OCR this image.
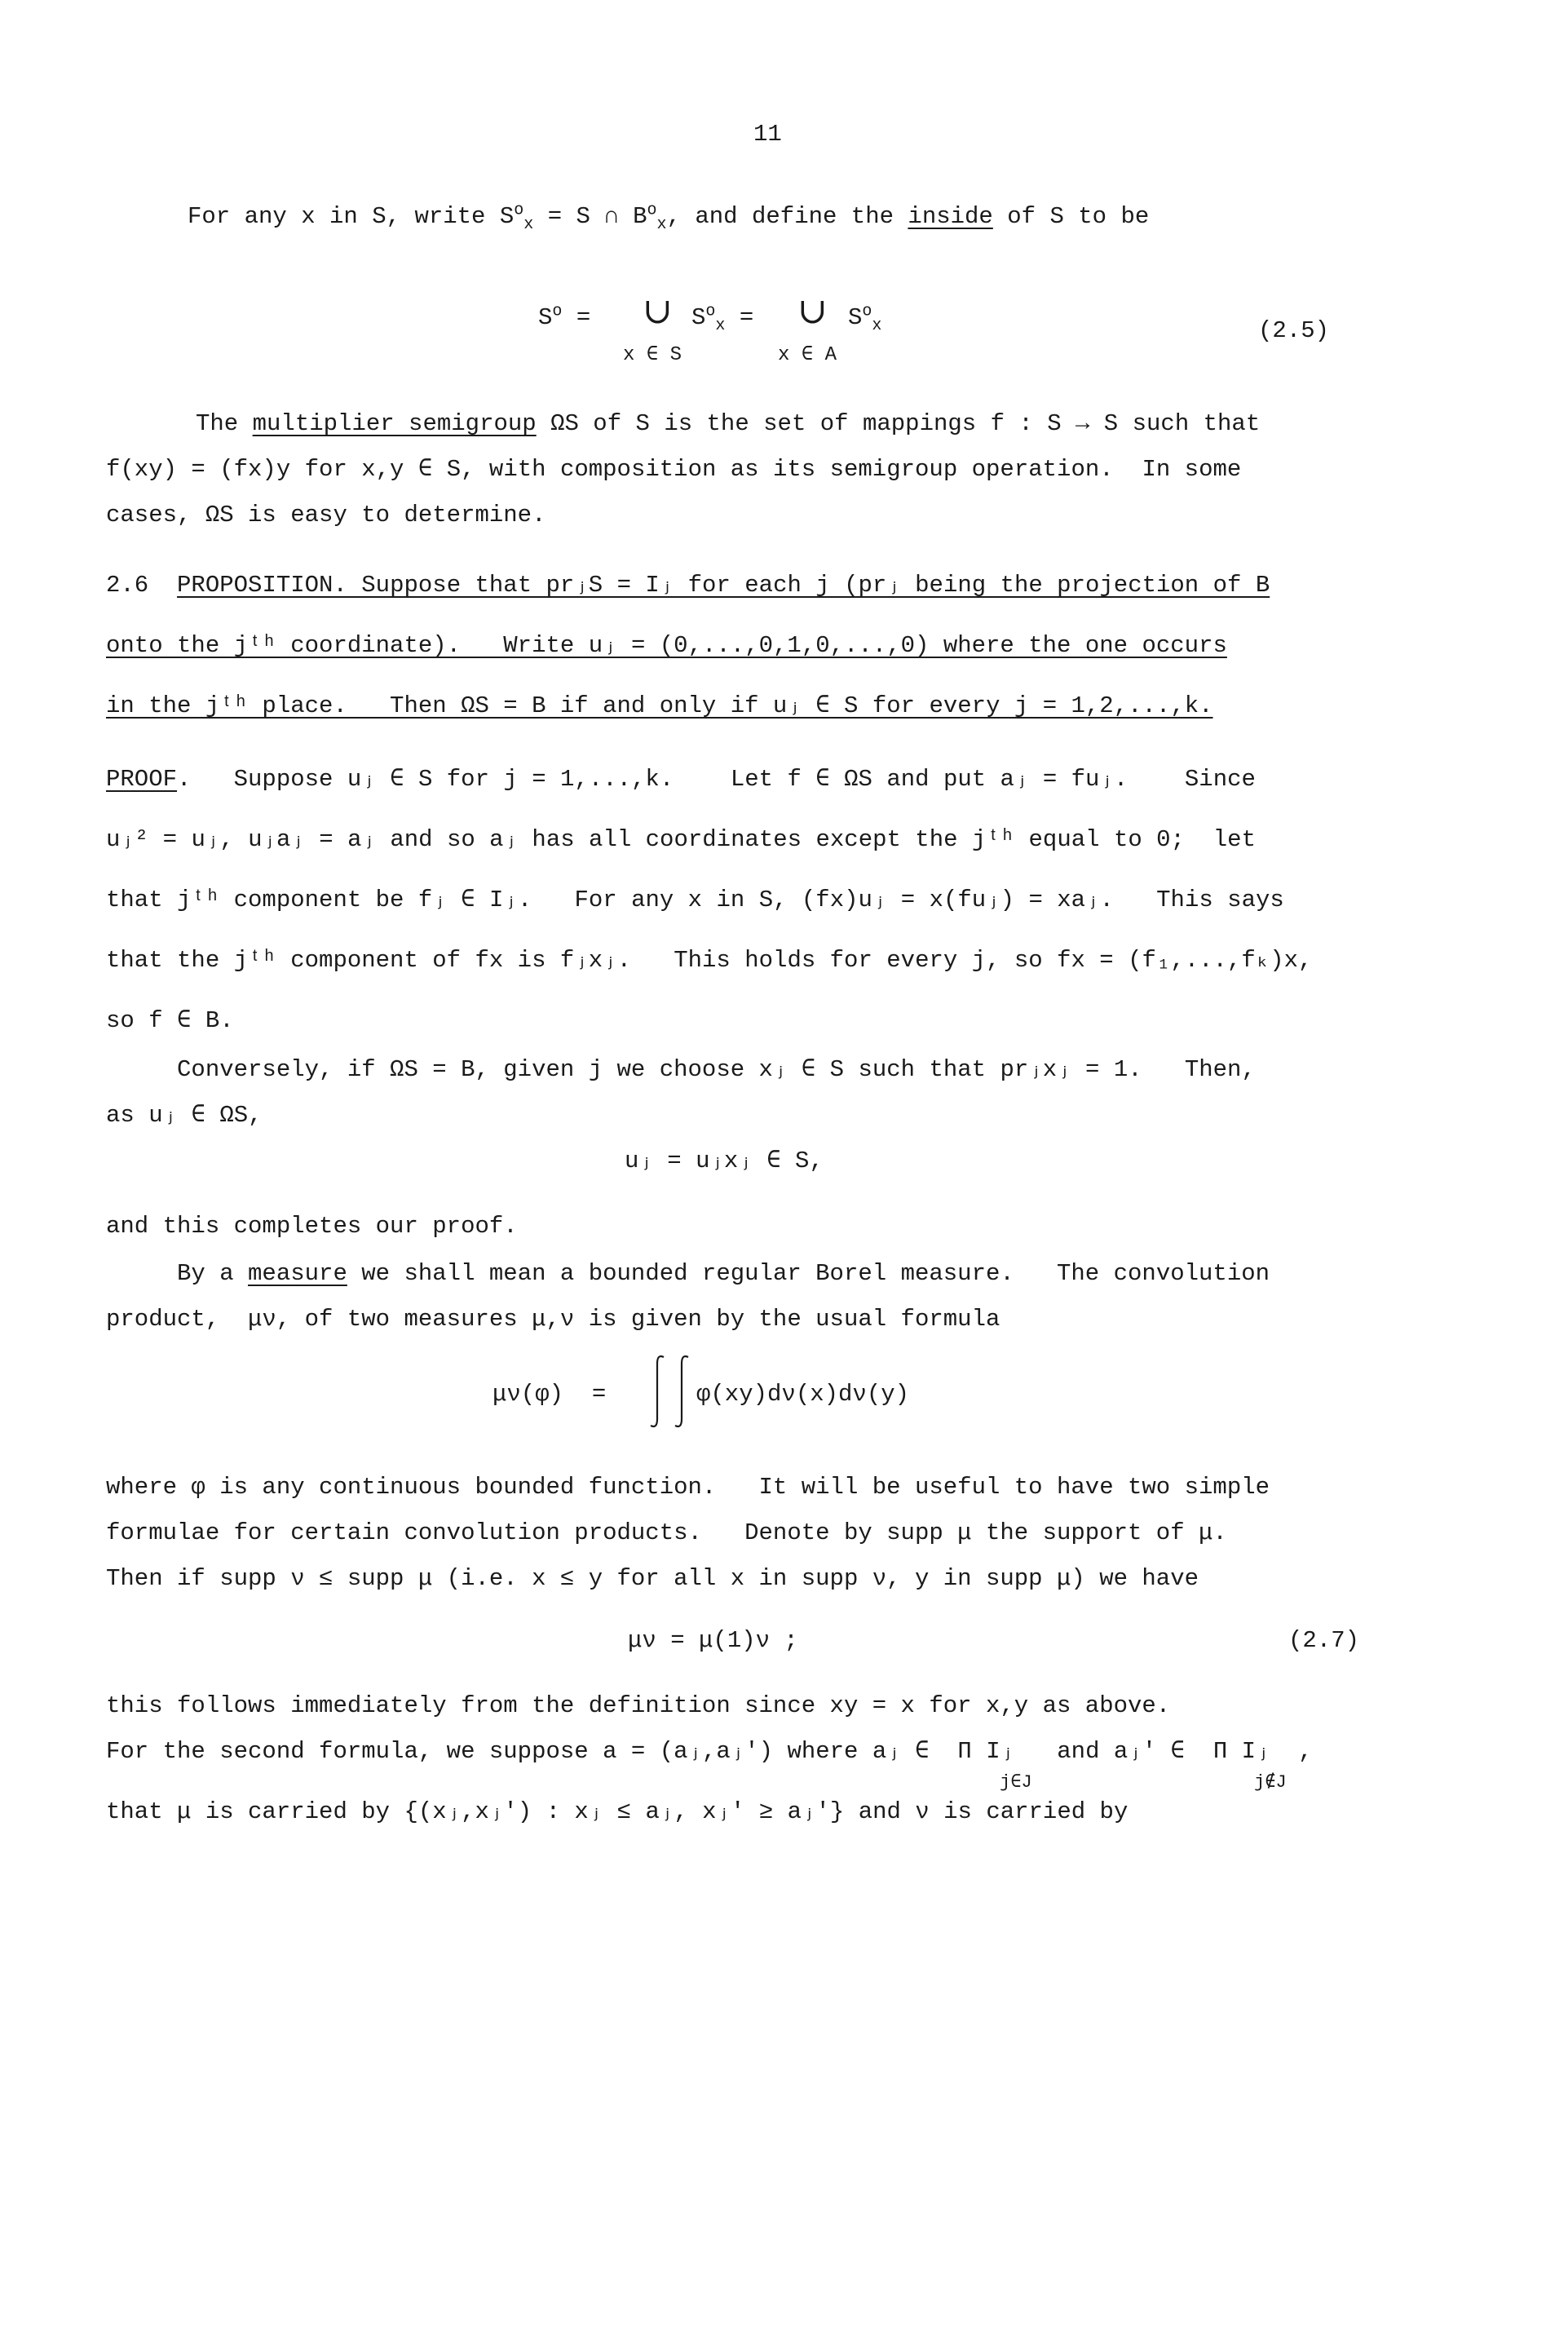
11
For any x in S, write $S^o_x = S$ ∩ $B^o_x$, and define the inside of S to be
$S^o$ = ∪ $S^o_x$ = ∪ $S^o_x$
x ∈ S	x ∈ A
(2.5)
The multiplier semigroup ΩS of S is the set of mappings f : S → S such that
f(xy) = (fx)y for x,y ∈ S, with composition as its semigroup operation.  In some
cases, ΩS is easy to determine.
2.6 PROPOSITION. Suppose that prⱼS = Iⱼ for each j (prⱼ being the projection of B
onto the jᵗʰ coordinate).   Write uⱼ = (0,...,0,1,0,...,0) where the one occurs
in the jᵗʰ place.   Then ΩS = B if and only if uⱼ ∈ S for every j = 1,2,...,k.
PROOF.   Suppose uⱼ ∈ S for j = 1,...,k.    Let f ∈ ΩS and put aⱼ = fuⱼ.    Since
uⱼ² = uⱼ, uⱼaⱼ = aⱼ and so aⱼ has all coordinates except the jᵗʰ equal to 0;  let
that jᵗʰ component be fⱼ ∈ Iⱼ.   For any x in S, (fx)uⱼ = x(fuⱼ) = xaⱼ.   This says
that the jᵗʰ component of fx is fⱼxⱼ.   This holds for every j, so fx = (f₁,...,fₖ)x,
so f ∈ B.
Conversely, if ΩS = B, given j we choose xⱼ ∈ S such that prⱼxⱼ = 1.   Then,
as uⱼ ∈ ΩS,
uⱼ = uⱼxⱼ ∈ S,
and this completes our proof.
By a measure we shall mean a bounded regular Borel measure.   The convolution
product,  μν, of two measures μ,ν is given by the usual formula
μν(φ)  =	φ(xy)dν(x)dν(y)
where φ is any continuous bounded function.   It will be useful to have two simple
formulae for certain convolution products.   Denote by supp μ the support of μ.
Then if supp ν ≤ supp μ (i.e. x ≤ y for all x in supp ν, y in supp μ) we have
μν = μ(1)ν ;	(2.7)
this follows immediately from the definition since xy = x for x,y as above.
For the second formula, we suppose a = (aⱼ,aⱼ′) where aⱼ ∈  Π Iⱼ   and aⱼ′ ∈  Π Iⱼ  ,
j∈J	j∉J
that μ is carried by {(xⱼ,xⱼ′) : xⱼ ≤ aⱼ, xⱼ′ ≥ aⱼ′} and ν is carried by
